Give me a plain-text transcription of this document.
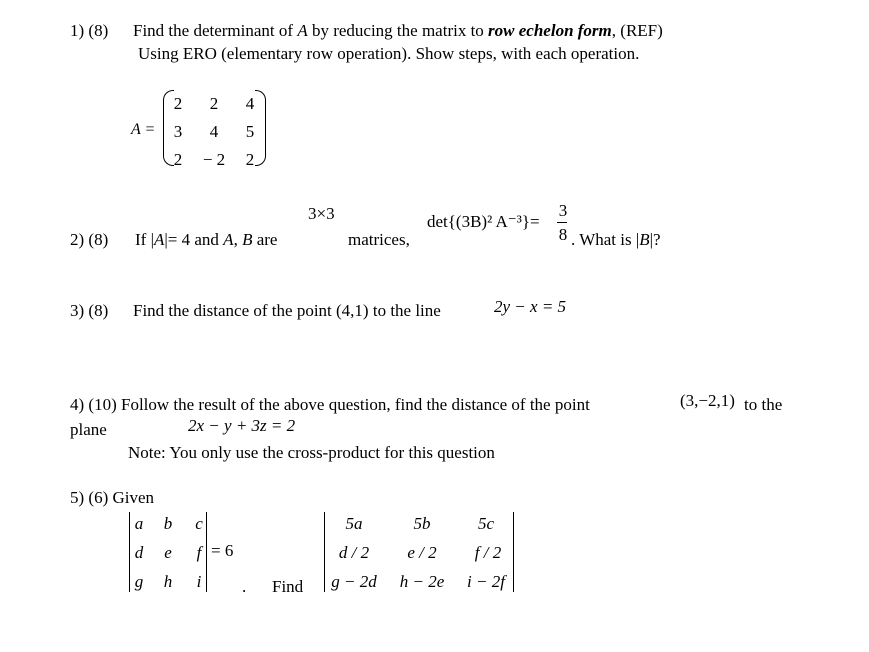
1) (8) Find the determinant of A by reducing the matrix to row echelon form, (REF)
Using ERO (elementary row operation). Show steps, with each operation.
A =
2	2	4
3	4	5
2	− 2	2
3×3
2) (8) If |A|= 4 and A, B are	matrices,
det{(3B)² A⁻³}=
3
8 . What is |B|?
3) (8) Find the distance of the point (4,1) to the line	2y − x = 5
4) (10) Follow the result of the above question, find the distance of the point	(3,−2,1) to the
plane	2x − y + 3z = 2
Note: You only use the cross-product for this question
5) (6) Given
a	b	c
d	e	f
g	h	i
= 6
. Find
5a	5b	5c
d / 2	e / 2	f / 2
g − 2d	h − 2e	i − 2f
